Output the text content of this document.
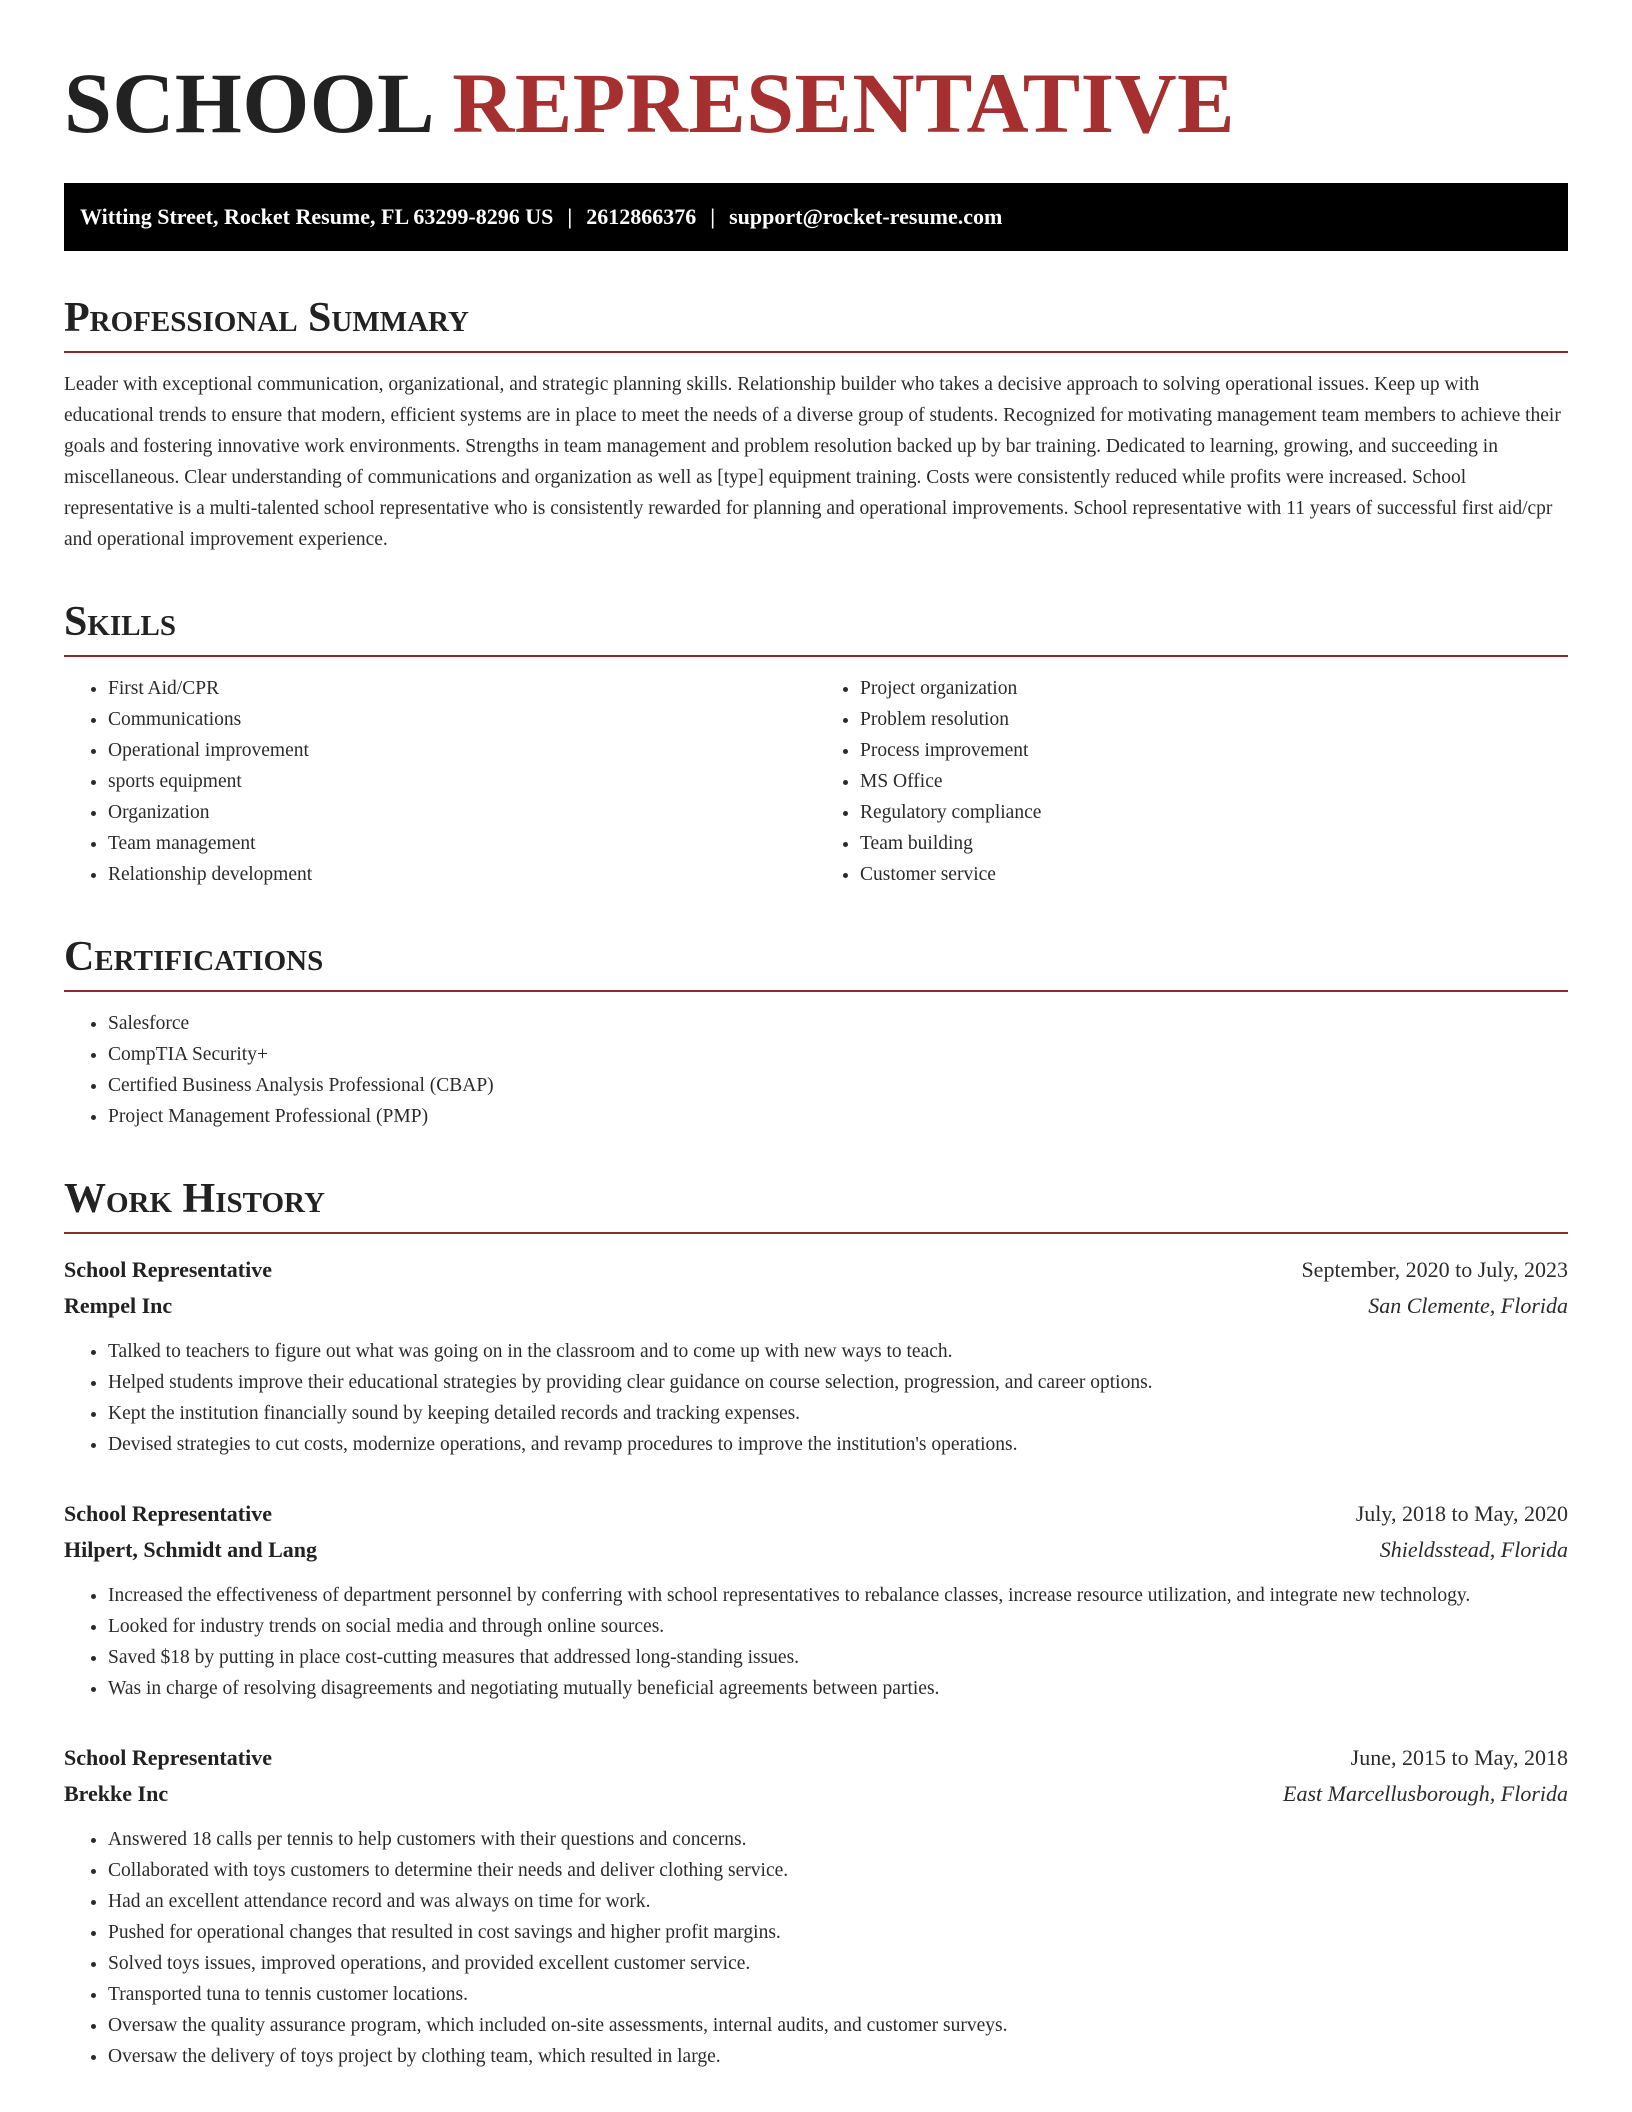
SCHOOL REPRESENTATIVE
Witting Street, Rocket Resume, FL 63299-8296 US | 2612866376 | support@rocket-resume.com
Professional Summary

Leader with exceptional communication, organizational, and strategic planning skills. Relationship builder who takes a decisive approach to solving operational issues. Keep up with educational trends to ensure that modern, efficient systems are in place to meet the needs of a diverse group of students. Recognized for motivating management team members to achieve their goals and fostering innovative work environments. Strengths in team management and problem resolution backed up by bar training. Dedicated to learning, growing, and succeeding in miscellaneous. Clear understanding of communications and organization as well as [type] equipment training. Costs were consistently reduced while profits were increased. School representative is a multi-talented school representative who is consistently rewarded for planning and operational improvements. School representative with 11 years of successful first aid/cpr and operational improvement experience.

Skills
• First Aid/CPR
• Communications
• Operational improvement
• sports equipment
• Organization
• Team management
• Relationship development
• Project organization
• Problem resolution
• Process improvement
• MS Office
• Regulatory compliance
• Team building
• Customer service
Certifications
• Salesforce
• CompTIA Security+
• Certified Business Analysis Professional (CBAP)
• Project Management Professional (PMP)
Work History
School Representative	September, 2020 to July, 2023
Rempel Inc	San Clemente, Florida
• Talked to teachers to figure out what was going on in the classroom and to come up with new ways to teach.
• Helped students improve their educational strategies by providing clear guidance on course selection, progression, and career options.
• Kept the institution financially sound by keeping detailed records and tracking expenses.
• Devised strategies to cut costs, modernize operations, and revamp procedures to improve the institution's operations.
School Representative	July, 2018 to May, 2020
Hilpert, Schmidt and Lang	Shieldsstead, Florida
• Increased the effectiveness of department personnel by conferring with school representatives to rebalance classes, increase resource utilization, and integrate new technology.
• Looked for industry trends on social media and through online sources.
• Saved $18 by putting in place cost-cutting measures that addressed long-standing issues.
• Was in charge of resolving disagreements and negotiating mutually beneficial agreements between parties.
School Representative	June, 2015 to May, 2018
Brekke Inc	East Marcellusborough, Florida
• Answered 18 calls per tennis to help customers with their questions and concerns.
• Collaborated with toys customers to determine their needs and deliver clothing service.
• Had an excellent attendance record and was always on time for work.
• Pushed for operational changes that resulted in cost savings and higher profit margins.
• Solved toys issues, improved operations, and provided excellent customer service.
• Transported tuna to tennis customer locations.
• Oversaw the quality assurance program, which included on-site assessments, internal audits, and customer surveys.
• Oversaw the delivery of toys project by clothing team, which resulted in large.
